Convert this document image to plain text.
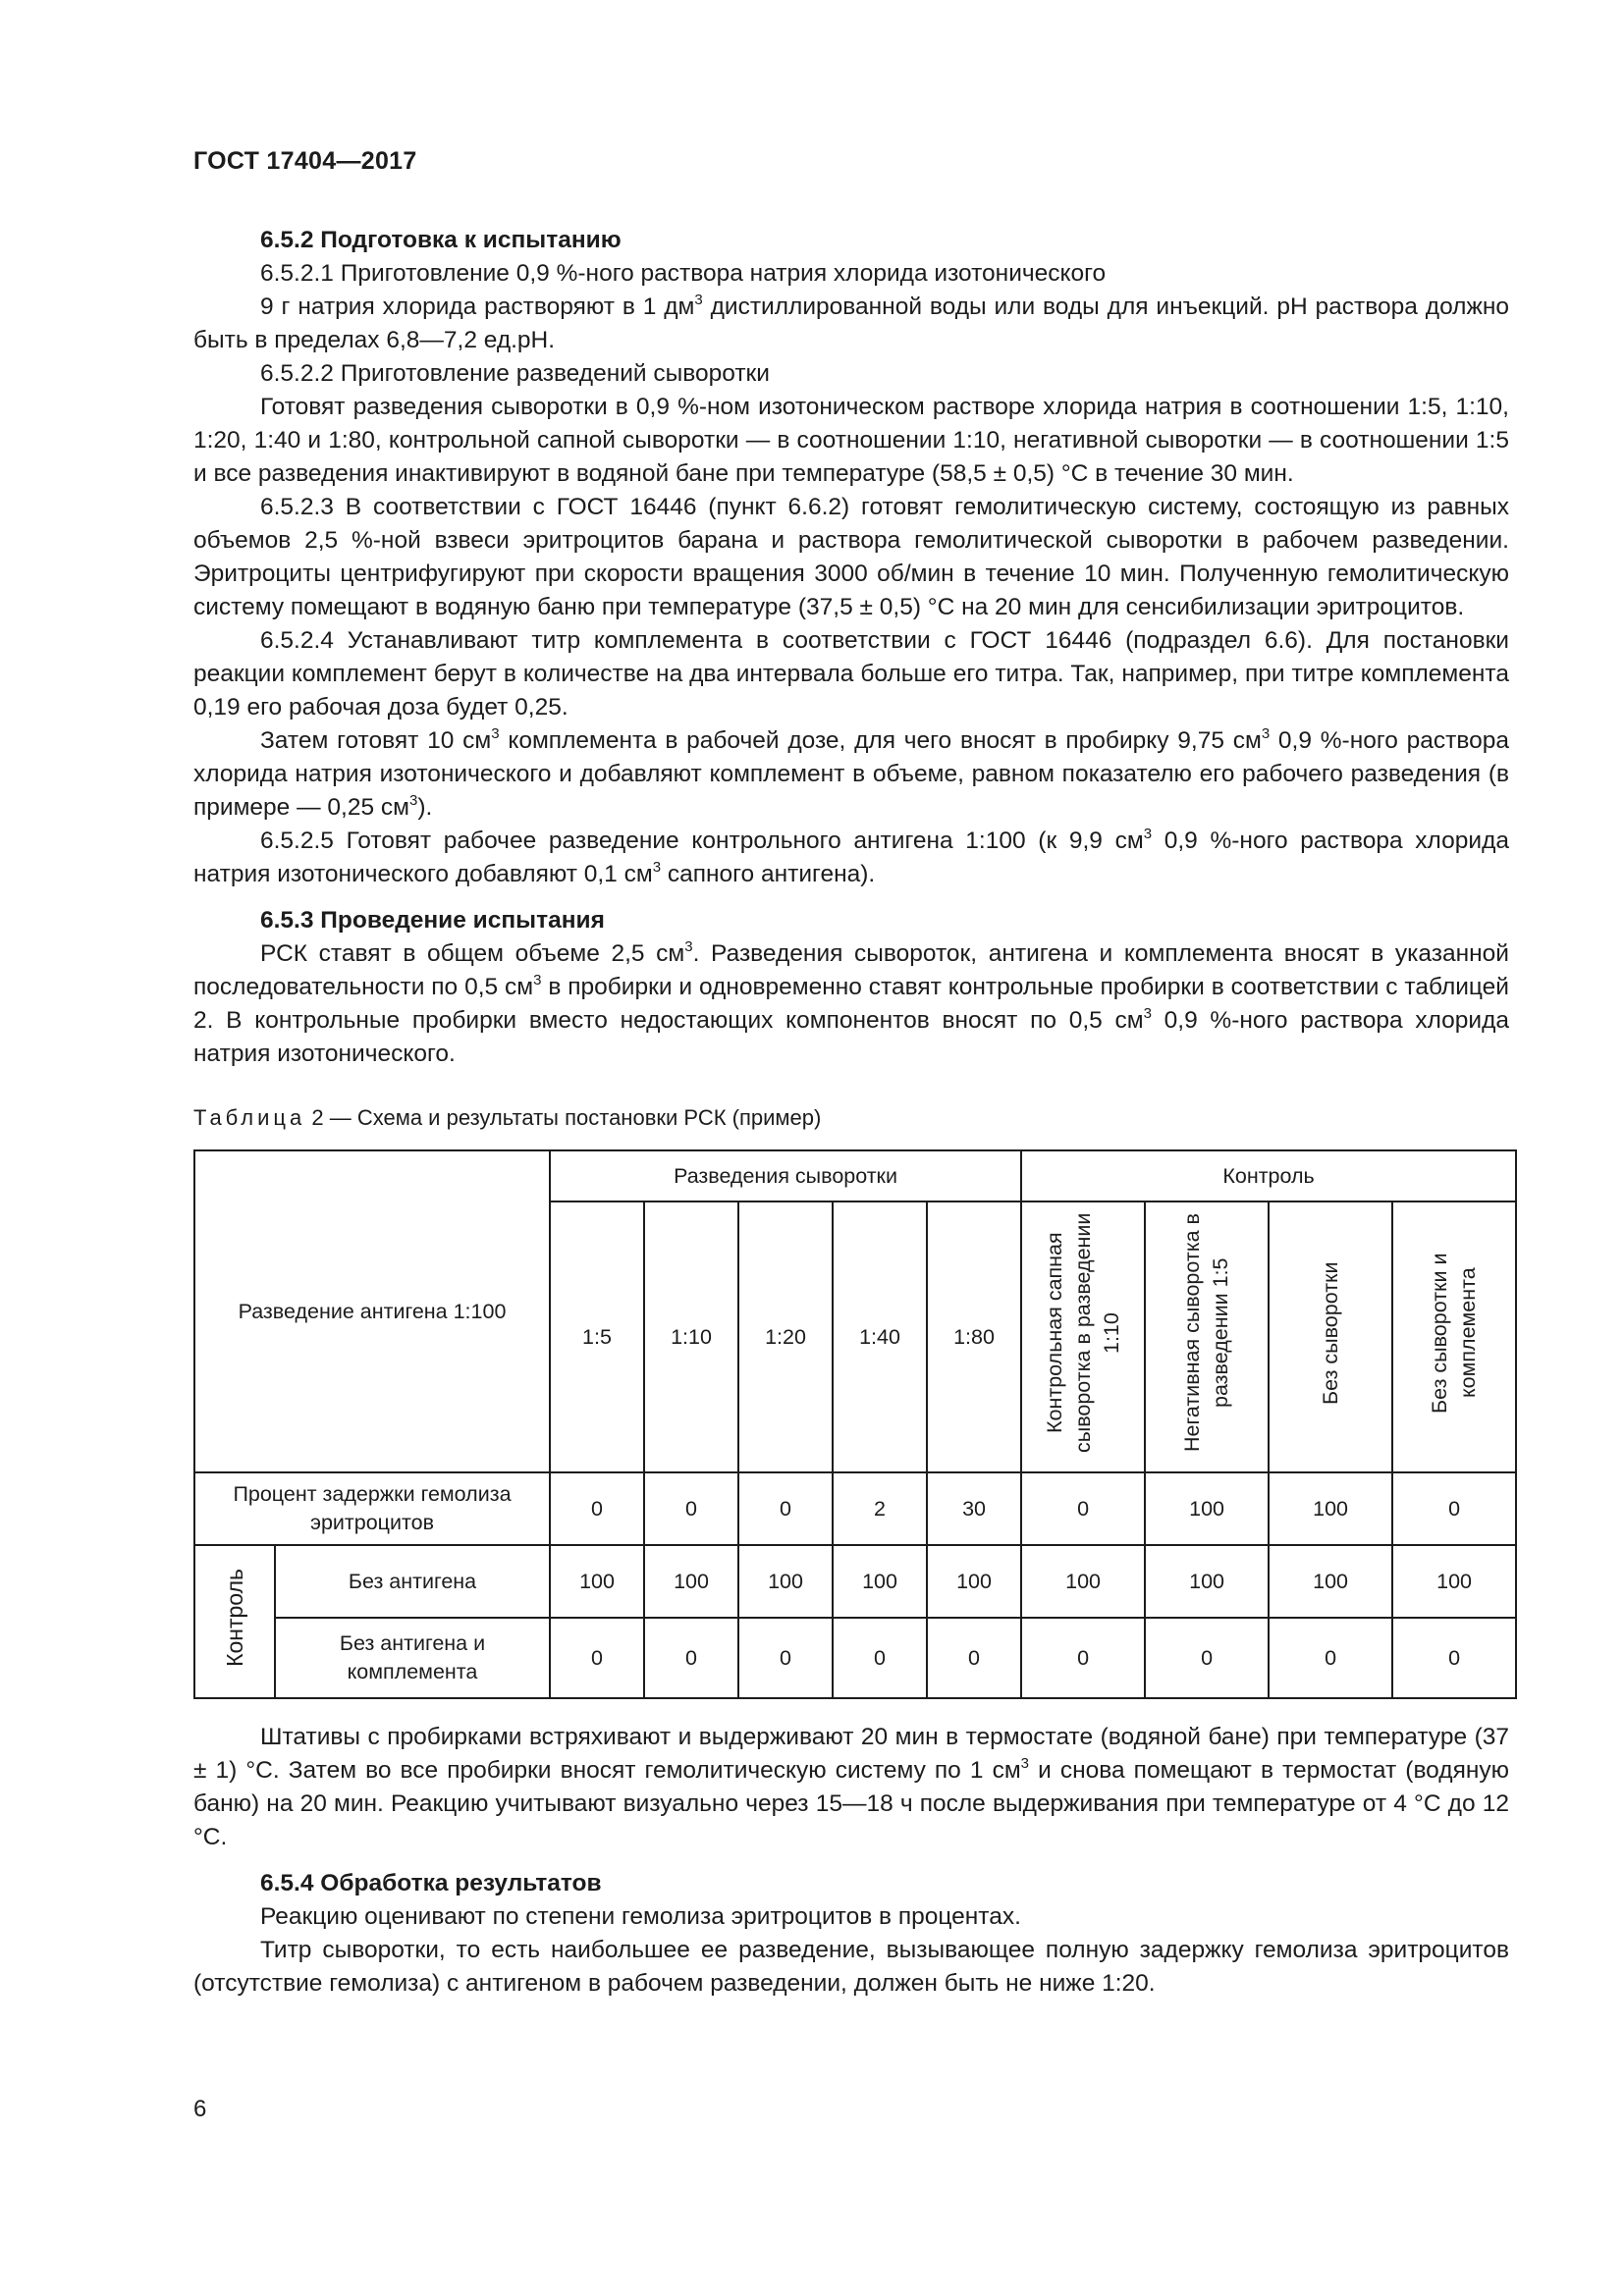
ГОСТ 17404—2017
6.5.2 Подготовка к испытанию

6.5.2.1 Приготовление 0,9 %-ного раствора натрия хлорида изотонического

9 г натрия хлорида растворяют в 1 $дм^3$ дистиллированной воды или воды для инъекций. pH раствора должно быть в пределах 6,8—7,2 ед.pH.

6.5.2.2 Приготовление разведений сыворотки

Готовят разведения сыворотки в 0,9 %-ном изотоническом растворе хлорида натрия в соотношении 1:5, 1:10, 1:20, 1:40 и 1:80, контрольной сапной сыворотки — в соотношении 1:10, негативной сыворотки — в соотношении 1:5 и все разведения инактивируют в водяной бане при температуре (58,5 ± 0,5) °С в течение 30 мин.

6.5.2.3 В соответствии с ГОСТ 16446 (пункт 6.6.2) готовят гемолитическую систему, состоящую из равных объемов 2,5 %-ной взвеси эритроцитов барана и раствора гемолитической сыворотки в рабочем разведении. Эритроциты центрифугируют при скорости вращения 3000 об/мин в течение 10 мин. Полученную гемолитическую систему помещают в водяную баню при температуре (37,5 ± 0,5) °С на 20 мин для сенсибилизации эритроцитов.

6.5.2.4 Устанавливают титр комплемента в соответствии с ГОСТ 16446 (подраздел 6.6). Для постановки реакции комплемент берут в количестве на два интервала больше его титра. Так, например, при титре комплемента 0,19 его рабочая доза будет 0,25.

Затем готовят 10 $см^3$ комплемента в рабочей дозе, для чего вносят в пробирку 9,75 $см^3$ 0,9 %-ного раствора хлорида натрия изотонического и добавляют комплемент в объеме, равном показателю его рабочего разведения (в примере — 0,25 $см^3$).

6.5.2.5 Готовят рабочее разведение контрольного антигена 1:100 (к 9,9 $см^3$ 0,9 %-ного раствора хлорида натрия изотонического добавляют 0,1 $см^3$ сапного антигена).

6.5.3 Проведение испытания

РСК ставят в общем объеме 2,5 $см^3$. Разведения сывороток, антигена и комплемента вносят в указанной последовательности по 0,5 $см^3$ в пробирки и одновременно ставят контрольные пробирки в соответствии с таблицей 2. В контрольные пробирки вместо недостающих компонентов вносят по 0,5 $см^3$ 0,9 %-ного раствора хлорида натрия изотонического.

Таблица 2 — Схема и результаты постановки РСК (пример)
Разведение антигена 1:100		Разведения сыворотки					Контроль			
		1:5	1:10	1:20	1:40	1:80	Контрольная сапная сыворотка в разведении 1:10	Негативная сыворотка в разведении 1:5	Без сыворотки	Без сыворотки и комплемента
Процент задержки гемолиза эритроцитов		0	0	0	2	30	0	100	100	0
Контроль	Без антигена	100	100	100	100	100	100	100	100	100
	Без антигена и комплемента	0	0	0	0	0	0	0	0	0

Штативы с пробирками встряхивают и выдерживают 20 мин в термостате (водяной бане) при температуре (37 ± 1) °С. Затем во все пробирки вносят гемолитическую систему по 1 $см^3$ и снова помещают в термостат (водяную баню) на 20 мин. Реакцию учитывают визуально через 15—18 ч после выдерживания при температуре от 4 °С до 12 °С.

6.5.4 Обработка результатов

Реакцию оценивают по степени гемолиза эритроцитов в процентах.

Титр сыворотки, то есть наибольшее ее разведение, вызывающее полную задержку гемолиза эритроцитов (отсутствие гемолиза) с антигеном в рабочем разведении, должен быть не ниже 1:20.

6
